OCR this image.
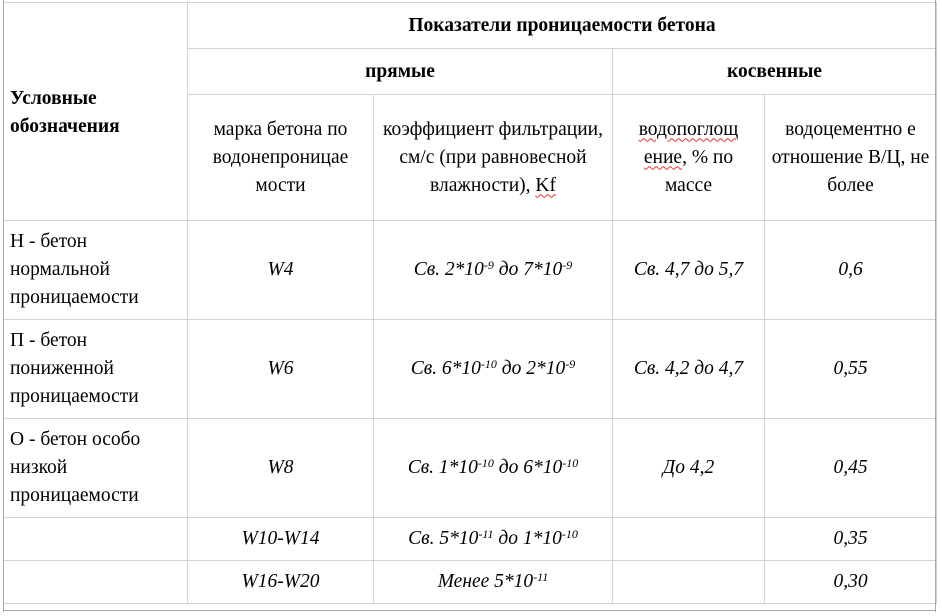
Условные обозначения	Показатели проницаемости бетона			
	прямые		косвенные	
	марка бетона по водонепроницае мости	коэффициент фильтрации, см/с (при равновесной влажности), Kf	водопоглощ ение, % по массе	водоцементно е отношение В/Ц, не более
Н - бетон нормальной проницаемости	W4	Св. $2*10^{-9}$ до $7*10^{-9}$	Св. 4,7 до 5,7	0,6
П - бетон пониженной проницаемости	W6	Св. $6*10^{-10}$ до $2*10^{-9}$	Св. 4,2 до 4,7	0,55
О - бетон особо низкой проницаемости	W8	Св. $1*10^{-10}$ до $6*10^{-10}$	До 4,2	0,45
	W10-W14	Св. $5*10^{-11}$ до $1*10^{-10}$		0,35
	W16-W20	Менее $5*10^{-11}$		0,30
